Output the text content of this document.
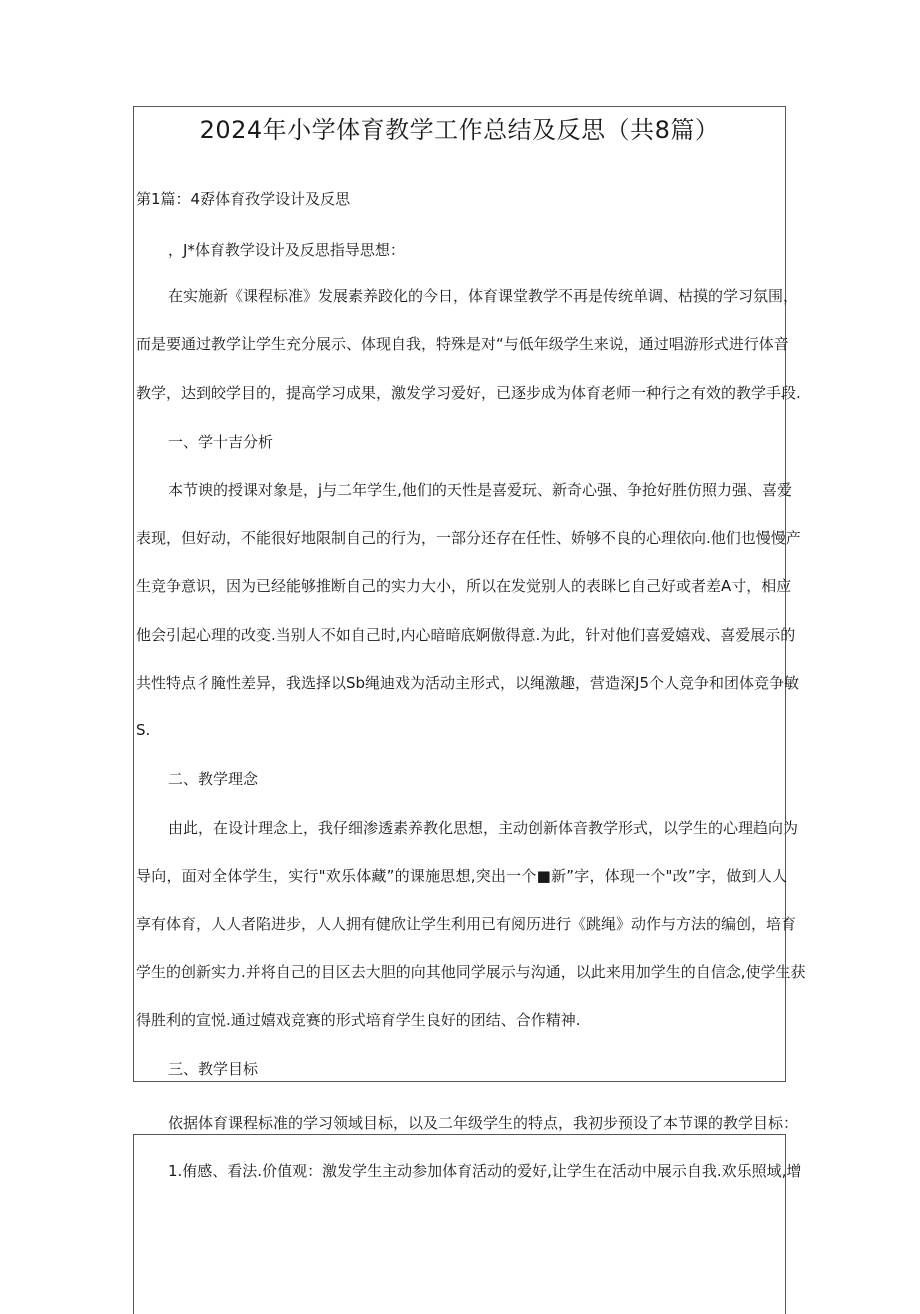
2024年小学体育教学工作总结及反思（共8篇）

第1篇：4孬体育孜学设计及反思

，J*体育教学设计及反思指导思想：

在实施新《课程标准》发展素养跤化的今日，体育课堂教学不再是传统单调、枯摸的学习氛围，

而是要通过教学让学生充分展示、体现自我，特殊是对“与低年级学生来说，通过唱游形式进行体音

教学，达到皎学目的，提高学习成果，激发学习爱好，已逐步成为体育老师一种行之有效的教学手段.

一、学十吉分析

本节谀的授课对象是，j与二年学生,他们的天性是喜爱玩、新奇心强、争抢好胜仿照力强、喜爱

表现，但好动，不能很好地限制自己的行为，一部分还存在任性、娇够不良的心理依向.他们也慢慢产

生竞争意识，因为已经能够推断自己的实力大小，所以在发觉别人的表眯匕自己好或者差A寸，相应

他会引起心理的改变.当别人不如自己时,内心暗暗底婀傲得意.为此，针对他们喜爱嬉戏、喜爱展示的

共性特点彳腌性差异，我选择以Sb绳迪戏为活动主形式，以绳激趣，营造深J5个人竞争和团体竞争敏

S.

二、教学理念

由此，在设计理念上，我仔细渗透素养教化思想，主动创新体音教学形式，以学生的心理趋向为

导向，面对全体学生，实行"欢乐体藏”的课施思想,突出一个■新”字，体现一个"改”字，做到人人

享有体育，人人者陷进步，人人拥有健欣让学生利用已有阅历进行《跳绳》动作与方法的编创，培育

学生的创新实力.并将自己的目区去大胆的向其他同学展示与沟通，以此来用加学生的自信念,使学生获

得胜利的宣悦.通过嬉戏竞赛的形式培育学生良好的团结、合作精神.

三、教学目标

依据体育课程标准的学习领域目标，以及二年级学生的特点，我初步预设了本节课的教学目标：

1.侑感、看法.价值观：激发学生主动参加体育活动的爱好,让学生在活动中展示自我.欢乐照域,增
